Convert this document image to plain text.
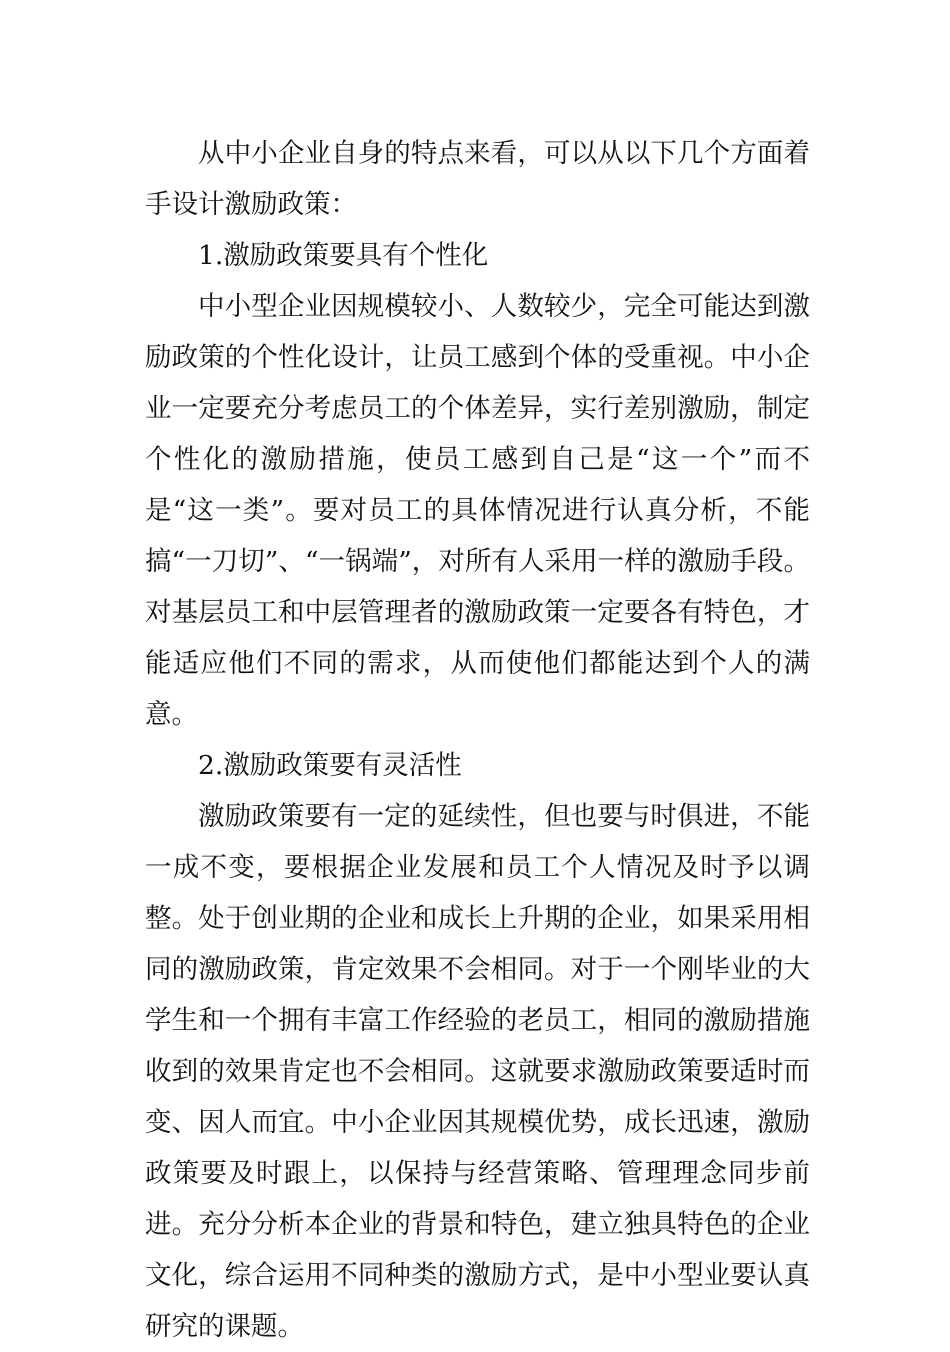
从中小企业自身的特点来看，可以从以下几个方面着手设计激励政策：

1.激励政策要具有个性化

中小型企业因规模较小、人数较少，完全可能达到激励政策的个性化设计，让员工感到个体的受重视。中小企业一定要充分考虑员工的个体差异，实行差别激励，制定个性化的激励措施，使员工感到自己是“这一个”而不是“这一类”。要对员工的具体情况进行认真分析，不能搞“一刀切”、“一锅端”，对所有人采用一样的激励手段。对基层员工和中层管理者的激励政策一定要各有特色，才能适应他们不同的需求，从而使他们都能达到个人的满意。

2.激励政策要有灵活性

激励政策要有一定的延续性，但也要与时俱进，不能一成不变，要根据企业发展和员工个人情况及时予以调整。处于创业期的企业和成长上升期的企业，如果采用相同的激励政策，肯定效果不会相同。对于一个刚毕业的大学生和一个拥有丰富工作经验的老员工，相同的激励措施收到的效果肯定也不会相同。这就要求激励政策要适时而变、因人而宜。中小企业因其规模优势，成长迅速，激励政策要及时跟上，以保持与经营策略、管理理念同步前进。充分分析本企业的背景和特色，建立独具特色的企业文化，综合运用不同种类的激励方式，是中小型业要认真研究的课题。
